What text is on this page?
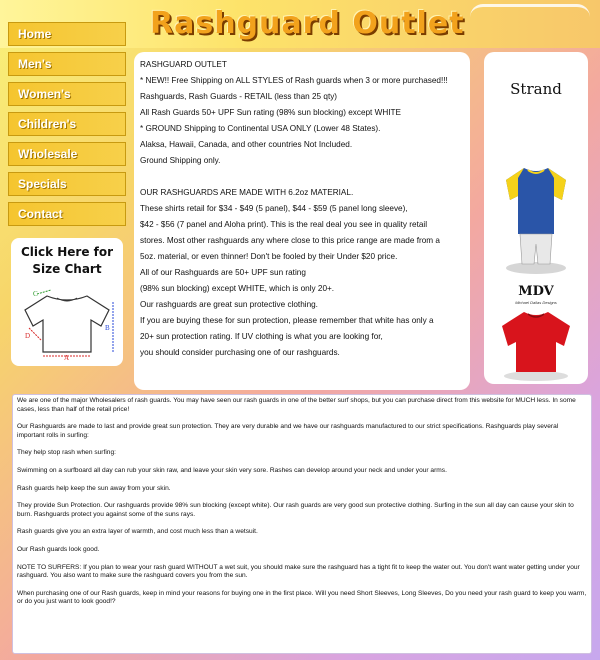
Rashguard Outlet
Home
Men's
Women's
Children's
Wholesale
Specials
Contact
Click Here for
Size Chart
C
B
A
D

RASHGUARD OUTLET

* NEW!! Free Shipping on ALL STYLES of Rash guards when 3 or more purchased!!!

Rashguards, Rash Guards - RETAIL (less than 25 qty)

All Rash Guards 50+ UPF Sun rating (98% sun blocking) except WHITE

* GROUND Shipping to Continental USA ONLY (Lower 48 States).

Alaksa, Hawaii, Canada, and other countries Not Included.

Ground Shipping only.

OUR RASHGUARDS ARE MADE WITH 6.2oz MATERIAL.

These shirts retail for $34 - $49 (5 panel), $44 - $59 (5 panel long sleeve),

$42 - $56 (7 panel and Aloha print). This is the real deal you see in quality retail

stores. Most other rashguards any where close to this price range are made from a

5oz. material, or even thinner! Don't be fooled by their Under $20 price.

All of our Rashguards are 50+ UPF sun rating

(98% sun blocking) except WHITE, which is only 20+.

Our rashguards are great sun protective clothing.

If you are buying these for sun protection, please remember that white has only a

20+ sun protection rating. If UV clothing is what you are looking for,

you should consider purchasing one of our rashguards.

Strand
MDV
Michael Dallas Designs

We are one of the major Wholesalers of rash guards. You may have seen our rash guards in one of the better surf shops, but you can purchase direct from this website for MUCH less. In some cases, less than half of the retail price!

Our Rashguards are made to last and provide great sun protection. They are very durable and we have our rashguards manufactured to our strict specifications. Rashguards play several important rolls in surfing:

They help stop rash when surfing:

Swimming on a surfboard all day can rub your skin raw, and leave your skin very sore. Rashes can develop around your neck and under your arms.

Rash guards help keep the sun away from your skin.

They provide Sun Protection. Our rashguards provide 98% sun blocking (except white). Our rash guards are very good sun protective clothing. Surfing in the sun all day can cause your skin to burn. Rashguards protect you against some of the suns rays.

Rash guards give you an extra layer of warmth, and cost much less than a wetsuit.

Our Rash guards look good.

NOTE TO SURFERS: If you plan to wear your rash guard WITHOUT a wet suit, you should make sure the rashguard has a tight fit to keep the water out. You don't want water getting under your rashguard. You also want to make sure the rashguard covers you from the sun.

When purchasing one of our Rash guards, keep in mind your reasons for buying one in the first place. Will you need Short Sleeves, Long Sleeves, Do you need your rash guard to keep you warm, or do you just want to look good!?
